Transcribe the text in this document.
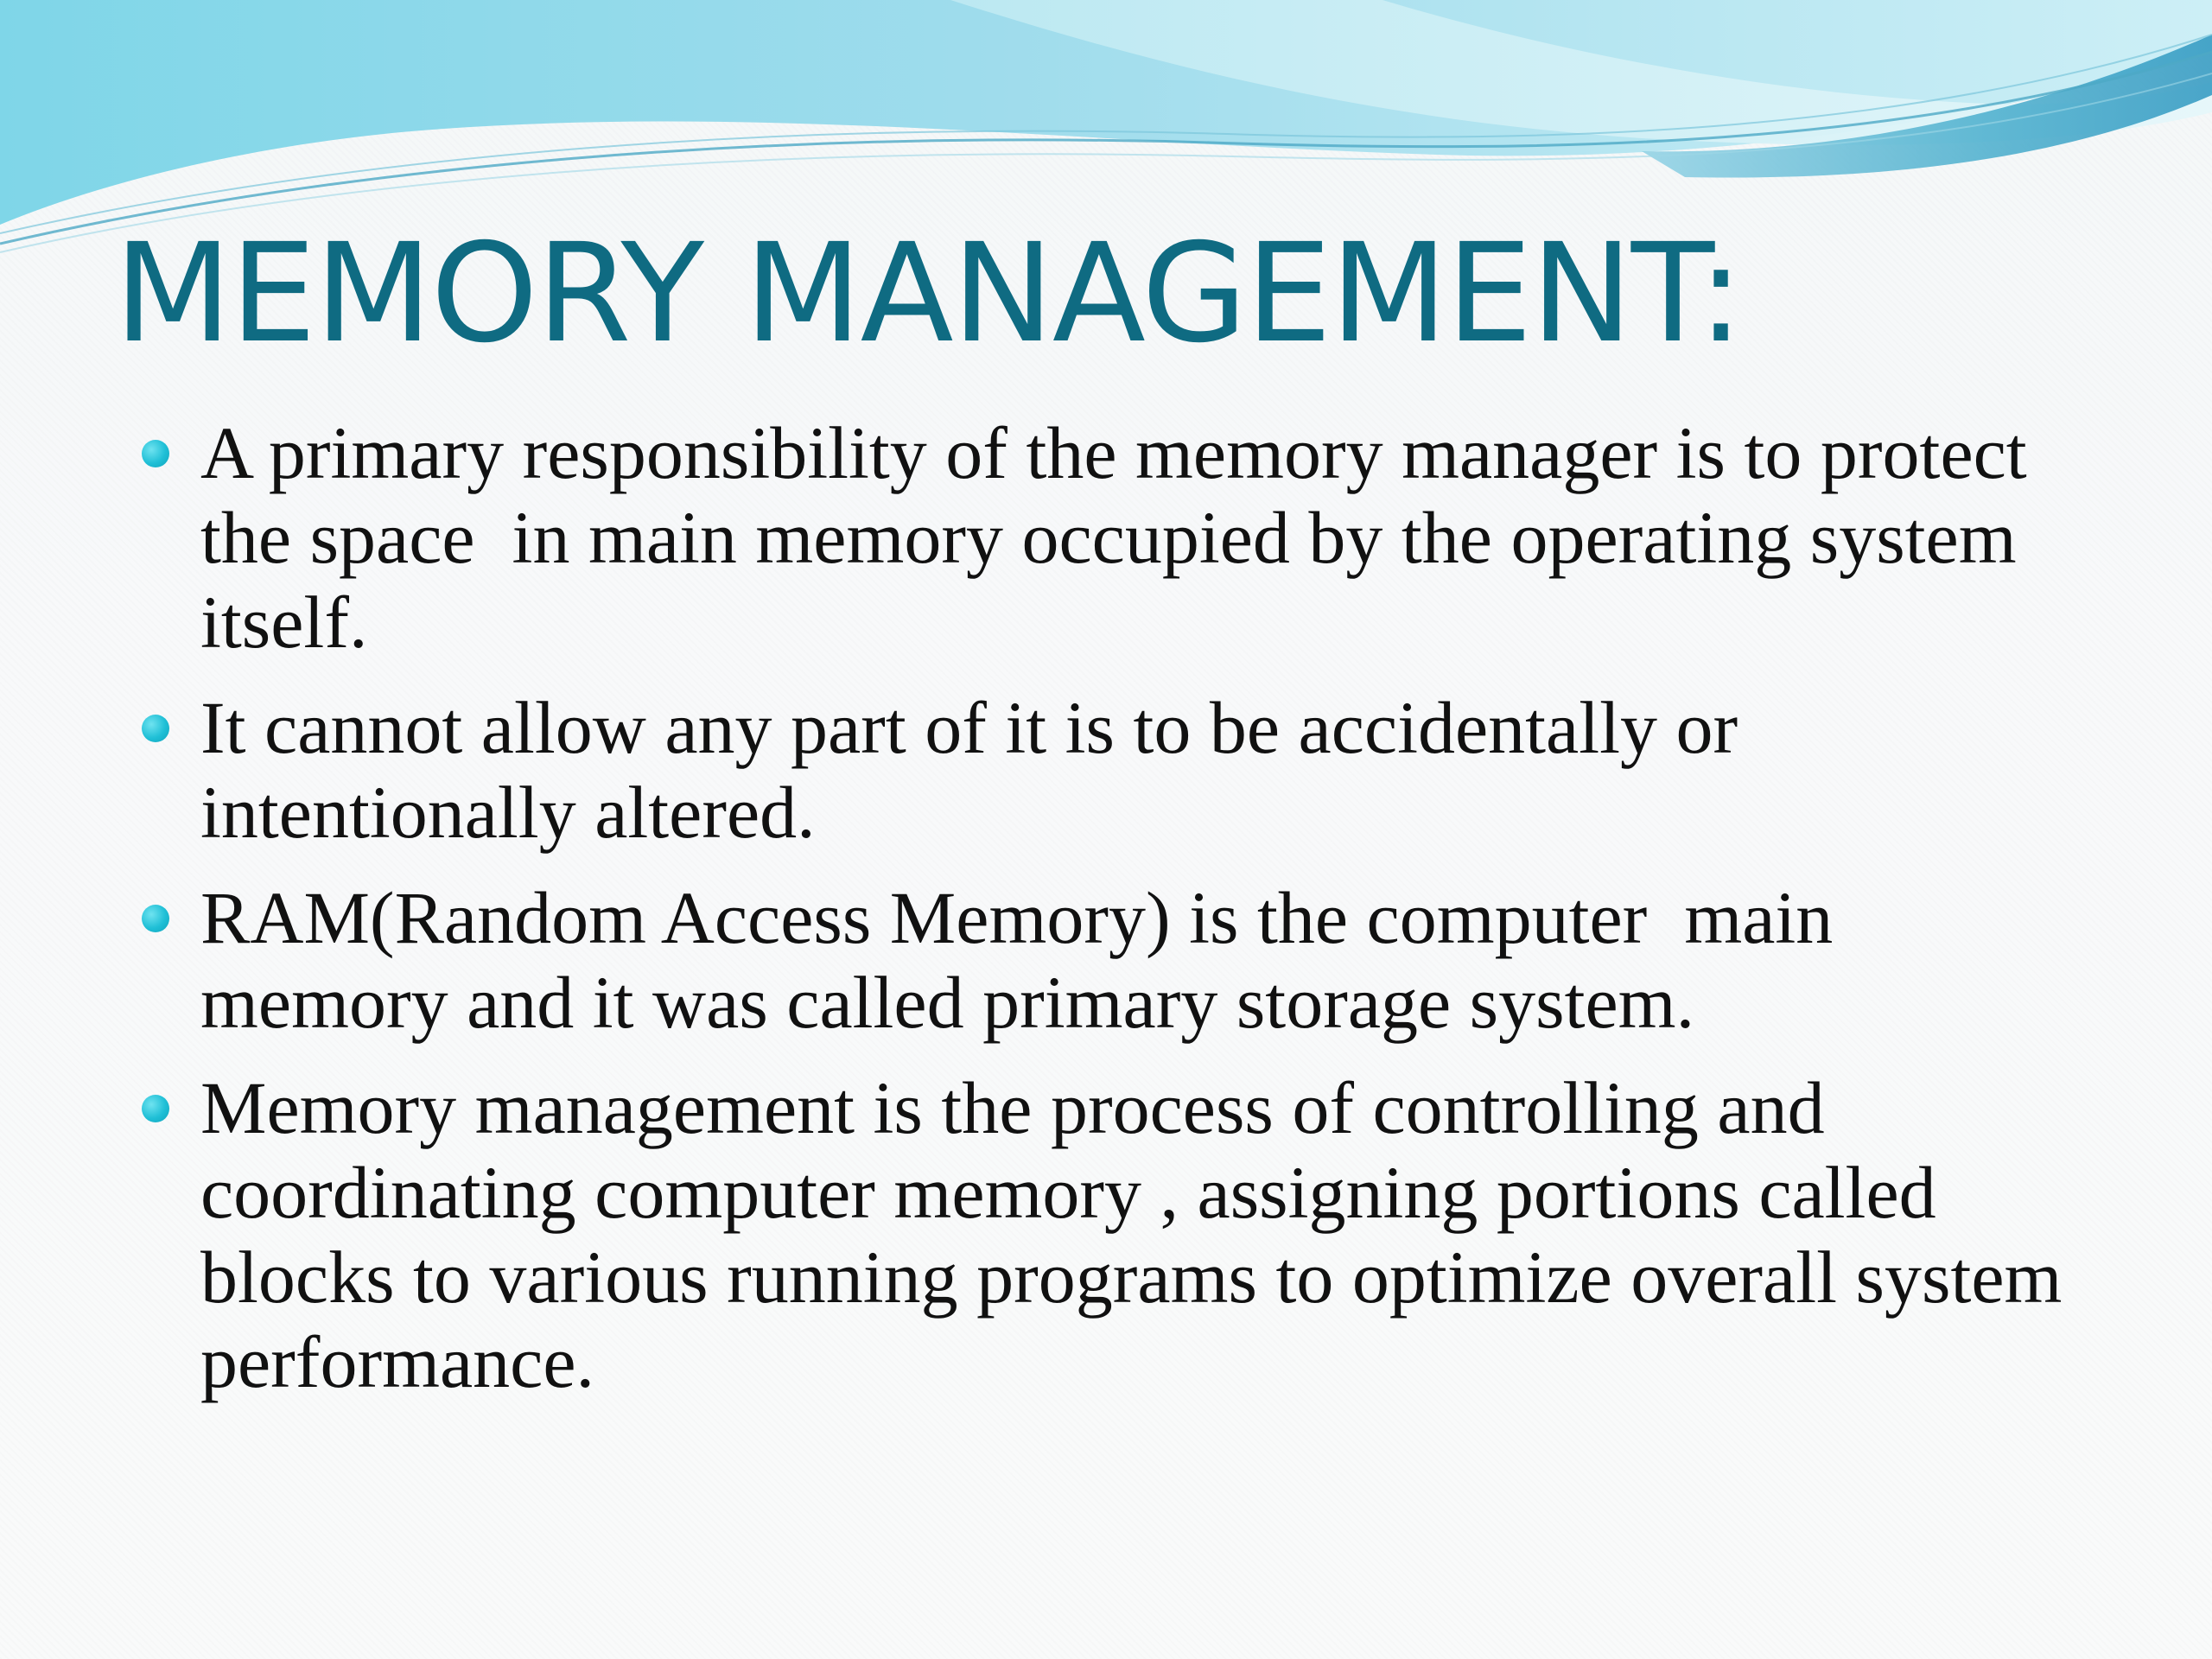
MEMORY MANAGEMENT:
A primary responsibility of the memory manager is to protect the space  in main memory occupied by the operating system itself.
It cannot allow any part of it is to be accidentally or intentionally altered.
RAM(Random Access Memory) is the computer  main memory and it was called primary storage system.
Memory management is the process of controlling and coordinating computer memory , assigning portions called blocks to various running programs to optimize overall system performance.
